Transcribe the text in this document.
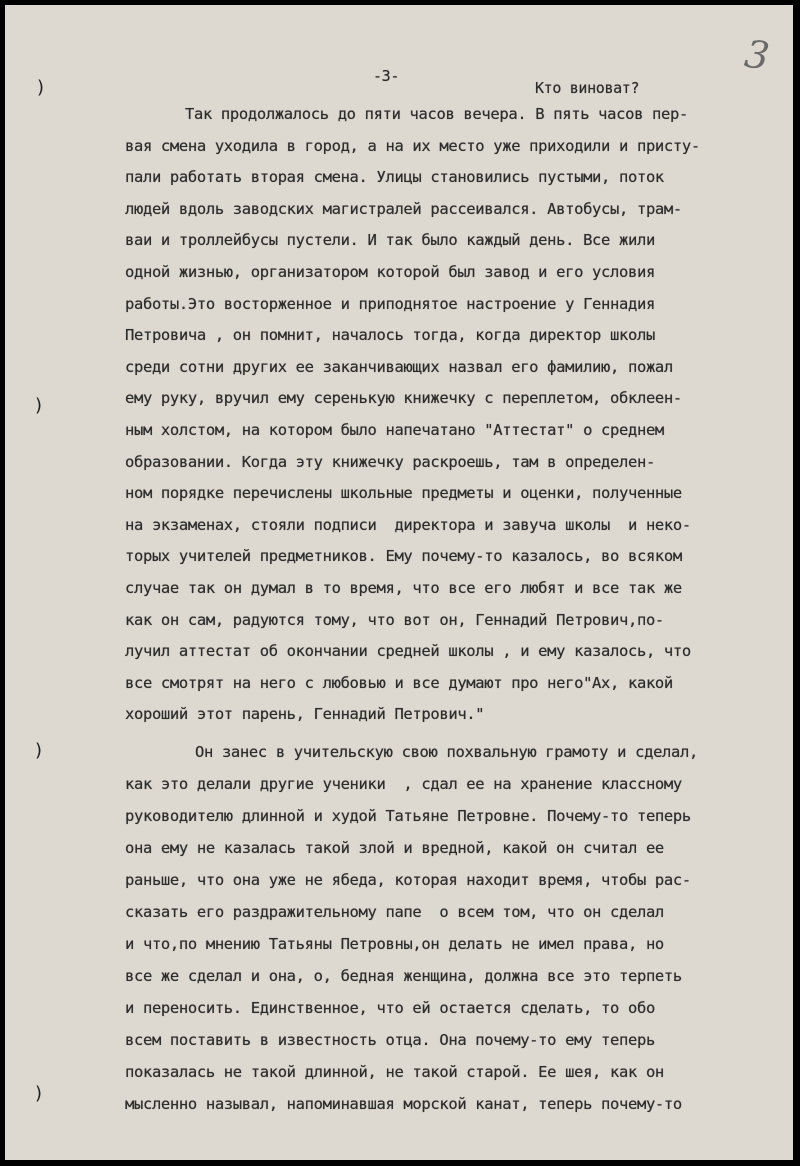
3
-3-
Кто виноват?
)
)
)
)
Так продолжалось до пяти часов вечера. В пять часов пер-
вая смена уходила в город, а на их место уже приходили и присту-
пали работать вторая смена. Улицы становились пустыми, поток
людей вдоль заводских магистралей рассеивался. Автобусы, трам-
ваи и троллейбусы пустели. И так было каждый день. Все жили
одной жизнью, организатором которой был завод и его условия
работы.Это восторженное и приподнятое настроение у Геннадия
Петровича , он помнит, началось тогда, когда директор школы
среди сотни других ее заканчивающих назвал его фамилию, пожал
ему руку, вручил ему серенькую книжечку с переплетом, обклеен-
ным холстом, на котором было напечатано "Аттестат" о среднем
образовании. Когда эту книжечку раскроешь, там в определен-
ном порядке перечислены школьные предметы и оценки, полученные
на экзаменах, стояли подписи  директора и завуча школы  и неко-
торых учителей предметников. Ему почему-то казалось, во всяком
случае так он думал в то время, что все его любят и все так же
как он сам, радуются тому, что вот он, Геннадий Петрович,по-
лучил аттестат об окончании средней школы , и ему казалось, что
все смотрят на него с любовью и все думают про него"Ах, какой
хороший этот парень, Геннадий Петрович."
Он занес в учительскую свою похвальную грамоту и сделал,
как это делали другие ученики  , сдал ее на хранение классному
руководителю длинной и худой Татьяне Петровне. Почему-то теперь
она ему не казалась такой злой и вредной, какой он считал ее
раньше, что она уже не ябеда, которая находит время, чтобы рас-
сказать его раздражительному папе  о всем том, что он сделал
и что,по мнению Татьяны Петровны,он делать не имел права, но
все же сделал и она, о, бедная женщина, должна все это терпеть
и переносить. Единственное, что ей остается сделать, то обо
всем поставить в известность отца. Она почему-то ему теперь
показалась не такой длинной, не такой старой. Ее шея, как он
мысленно называл, напоминавшая морской канат, теперь почему-то
